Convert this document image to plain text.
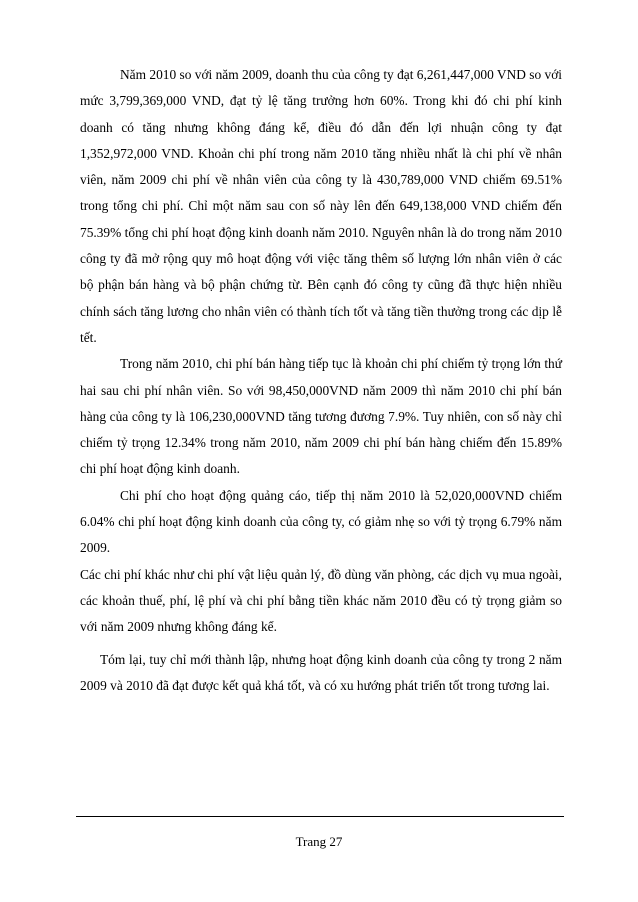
Năm 2010 so với năm 2009, doanh thu của công ty đạt 6,261,447,000 VND so với mức 3,799,369,000 VND, đạt tỷ lệ tăng trưởng hơn 60%. Trong khi đó chi phí kinh doanh có tăng nhưng không đáng kể, điều đó dẫn đến lợi nhuận công ty đạt 1,352,972,000 VND. Khoản chi phí trong năm 2010 tăng nhiều nhất là chi phí về nhân viên, năm 2009 chi phí về nhân viên của công ty là 430,789,000 VND chiếm 69.51% trong tổng chi phí. Chỉ một năm sau con số này lên đến 649,138,000 VND chiếm đến 75.39% tổng chi phí hoạt động kinh doanh năm 2010. Nguyên nhân là do trong năm 2010 công ty đã mở rộng quy mô hoạt động với việc tăng thêm số lượng lớn nhân viên ở các bộ phận bán hàng và bộ phận chứng từ. Bên cạnh đó công ty cũng đã thực hiện nhiều chính sách tăng lương cho nhân viên có thành tích tốt và tăng tiền thưởng trong các dịp lễ tết.

Trong năm 2010, chi phí bán hàng tiếp tục là khoản chi phí chiếm tỷ trọng lớn thứ hai sau chi phí nhân viên. So với 98,450,000VND năm 2009 thì năm 2010 chi phí bán hàng của công ty là 106,230,000VND tăng tương đương 7.9%. Tuy nhiên, con số này chỉ chiếm tỷ trọng 12.34% trong năm 2010, năm 2009 chi phí bán hàng chiếm đến 15.89% chi phí hoạt động kinh doanh.

Chi phí cho hoạt động quảng cáo, tiếp thị năm 2010 là 52,020,000VND chiếm 6.04% chi phí hoạt động kinh doanh của công ty, có giảm nhẹ so với tỷ trọng 6.79% năm 2009.

Các chi phí khác như chi phí vật liệu quản lý, đồ dùng văn phòng, các dịch vụ mua ngoài, các khoản thuế, phí, lệ phí và chi phí bằng tiền khác năm 2010 đều có tỷ trọng giảm so với năm 2009 nhưng không đáng kể.

Tóm lại, tuy chỉ mới thành lập, nhưng hoạt động kinh doanh của công ty trong 2 năm 2009 và 2010 đã đạt được kết quả khá tốt, và có xu hướng phát triển tốt trong tương lai.

Trang 27
